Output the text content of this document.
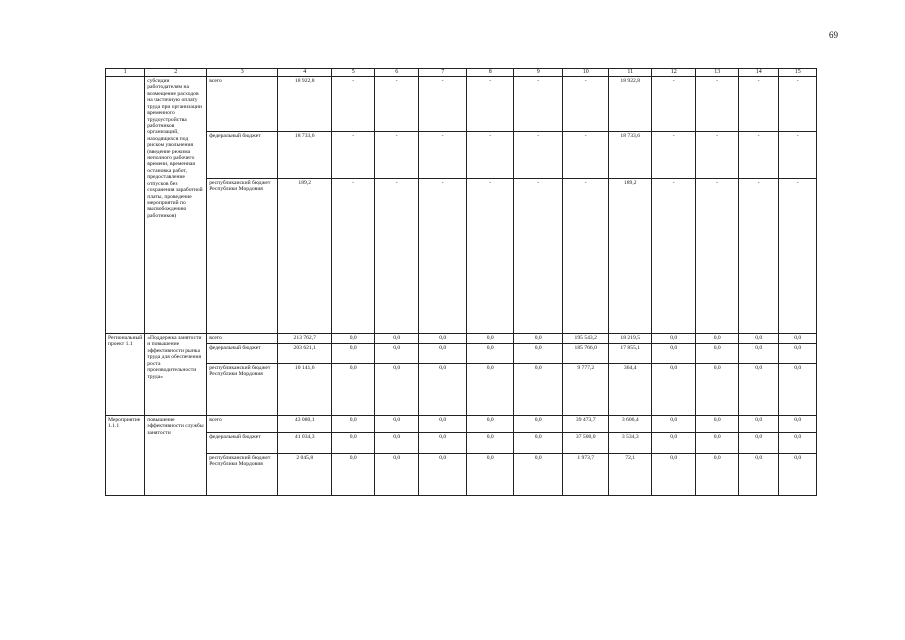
69
1	2	3	4	5	6	7	8	9	10	11	12	13	14	15
	субсидии работодателям на возмещение расходов на частичную оплату труда при организации временного трудоустройства работников организаций, находящихся под риском увольнения (введение режима неполного рабочего времени, временная остановка работ, предоставление отпусков без сохранения заработной платы, проведение мероприятий по высвобождению работников)	всего	18 922,8	-	-	-	-	-	-	18 922,8	-	-	-	-
		федеральный бюджет	18 733,6	-	-	-	-	-	-	18 733,6	-	-	-	-
		республиканский бюджет Республики Мордовия	189,2	-	-	-	-	-	-	189,2	-	-	-	-
Региональный проект 1.1	«Поддержка занятости и повышение эффективности рынка труда для обеспечения роста производительности труда»	всего	213 762,7	0,0	0,0	0,0	0,0	0,0	195 543,2	18 219,5	0,0	0,0	0,0	0,0
		федеральный бюджет	203 621,1	0,0	0,0	0,0	0,0	0,0	185 766,0	17 855,1	0,0	0,0	0,0	0,0
		республиканский бюджет Республики Мордовия	10 141,6	0,0	0,0	0,0	0,0	0,0	9 777,2	364,4	0,0	0,0	0,0	0,0
Мероприятие 1.1.1	повышение эффективности службы занятости	всего	43 080,1	0,0	0,0	0,0	0,0	0,0	39 473,7	3 606,4	0,0	0,0	0,0	0,0
		федеральный бюджет	41 034,3	0,0	0,0	0,0	0,0	0,0	37 500,0	3 534,3	0,0	0,0	0,0	0,0
		республиканский бюджет Республики Мордовия	2 045,8	0,0	0,0	0,0	0,0	0,0	1 973,7	72,1	0,0	0,0	0,0	0,0
